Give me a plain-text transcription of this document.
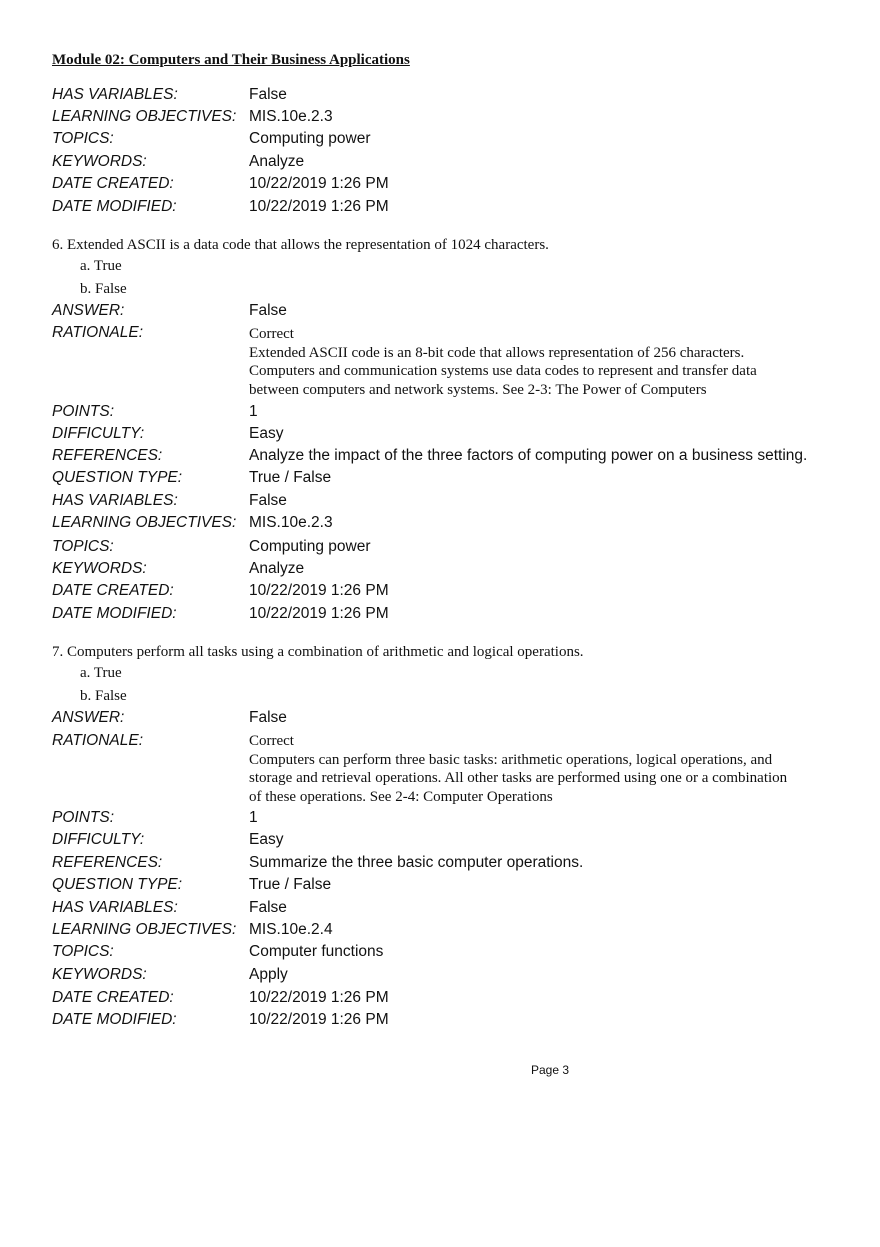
Module 02: Computers and Their Business Applications
HAS VARIABLES:	False
LEARNING OBJECTIVES: MIS.10e.2.3
TOPICS:	Computing power
KEYWORDS:	Analyze
DATE CREATED:	10/22/2019 1:26 PM
DATE MODIFIED:	10/22/2019 1:26 PM
6. Extended ASCII is a data code that allows the representation of 1024 characters.
a. True
b. False
ANSWER:	False
RATIONALE:	Correct
Extended ASCII code is an 8-bit code that allows representation of 256 characters.
Computers and communication systems use data codes to represent and transfer data
between computers and network systems. See 2-3: The Power of Computers
POINTS:	1
DIFFICULTY:	Easy
REFERENCES:	Analyze the impact of the three factors of computing power on a business setting.
QUESTION TYPE:	True / False
HAS VARIABLES:	False
LEARNING OBJECTIVES: MIS.10e.2.3
TOPICS:	Computing power
KEYWORDS:	Analyze
DATE CREATED:	10/22/2019 1:26 PM
DATE MODIFIED:	10/22/2019 1:26 PM
7. Computers perform all tasks using a combination of arithmetic and logical operations.
a. True
b. False
ANSWER:	False
RATIONALE:	Correct
Computers can perform three basic tasks: arithmetic operations, logical operations, and
storage and retrieval operations. All other tasks are performed using one or a combination
of these operations. See 2-4: Computer Operations
POINTS:	1
DIFFICULTY:	Easy
REFERENCES:	Summarize the three basic computer operations.
QUESTION TYPE:	True / False
HAS VARIABLES:	False
LEARNING OBJECTIVES: MIS.10e.2.4
TOPICS:	Computer functions
KEYWORDS:	Apply
DATE CREATED:	10/22/2019 1:26 PM
DATE MODIFIED:	10/22/2019 1:26 PM
Page 3
